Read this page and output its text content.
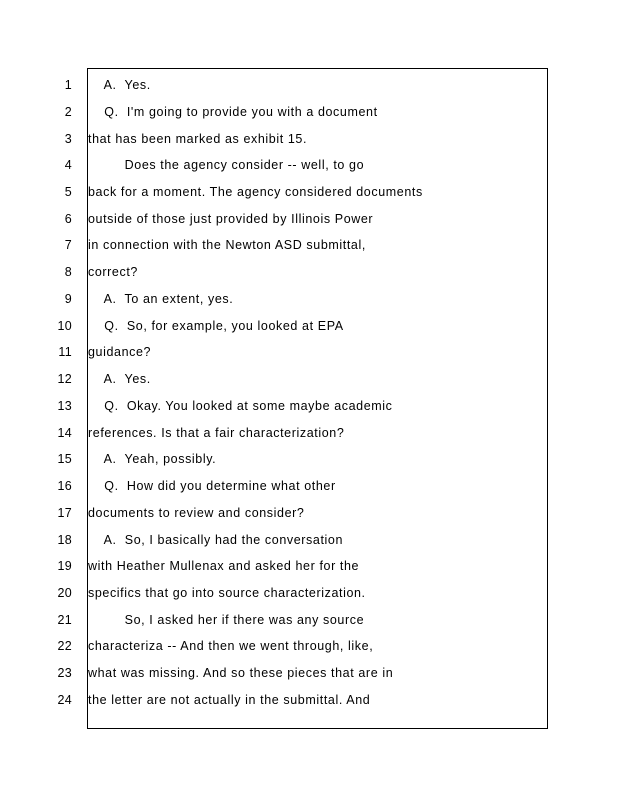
1 A.  Yes.
2 Q.  I'm going to provide you with a document
3 that has been marked as exhibit 15.
4 Does the agency consider -- well, to go
5 back for a moment. The agency considered documents
6 outside of those just provided by Illinois Power
7 in connection with the Newton ASD submittal,
8 correct?
9 A.  To an extent, yes.
10 Q.  So, for example, you looked at EPA
11 guidance?
12 A.  Yes.
13 Q.  Okay. You looked at some maybe academic
14 references. Is that a fair characterization?
15 A.  Yeah, possibly.
16 Q.  How did you determine what other
17 documents to review and consider?
18 A.  So, I basically had the conversation
19 with Heather Mullenax and asked her for the
20 specifics that go into source characterization.
21 So, I asked her if there was any source
22 characteriza -- And then we went through, like,
23 what was missing. And so these pieces that are in
24 the letter are not actually in the submittal. And
